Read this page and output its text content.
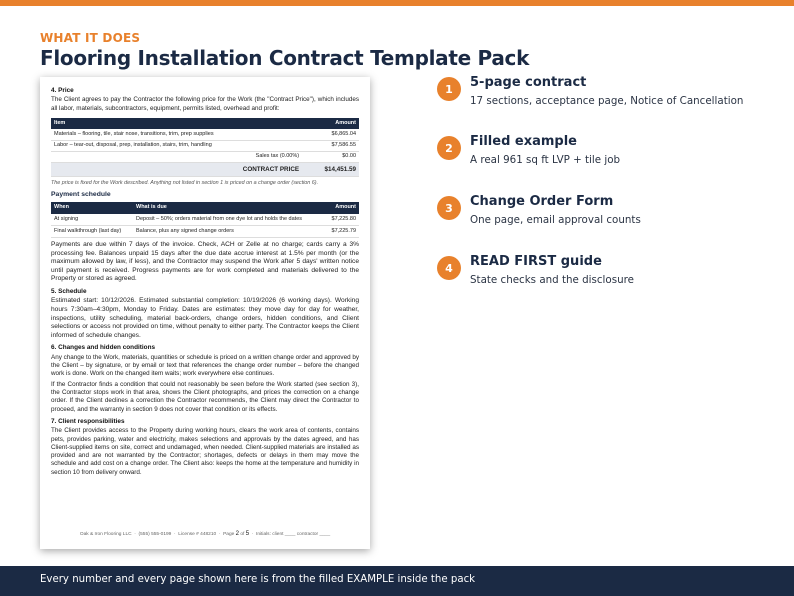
WHAT IT DOES
Flooring Installation Contract Template Pack
4. Price
The Client agrees to pay the Contractor the following price for the Work (the "Contract Price"), which includes all labor, materials, subcontractors, equipment, permits listed, overhead and profit:
Item	Amount
Materials – flooring, tile, stair nose, transitions, trim, prep supplies	$6,865.04
Labor – tear-out, disposal, prep, installation, stairs, trim, handling	$7,586.55
Sales tax (0.00%)	$0.00
CONTRACT PRICE	$14,451.59
The price is fixed for the Work described. Anything not listed in section 1 is priced on a change order (section 6).
Payment schedule
When	What is due	Amount
At signing	Deposit – 50%; orders material from one dye lot and holds the dates	$7,225.80
Final walkthrough (last day)	Balance, plus any signed change orders	$7,225.79
Payments are due within 7 days of the invoice. Check, ACH or Zelle at no charge; cards carry a 3% processing fee. Balances unpaid 15 days after the due date accrue interest at 1.5% per month (or the maximum allowed by law, if less), and the Contractor may suspend the Work after 5 days' written notice until payment is received. Progress payments are for work completed and materials delivered to the Property or stored as agreed.
5. Schedule
Estimated start: 10/12/2026. Estimated substantial completion: 10/19/2026 (6 working days). Working hours 7:30am–4:30pm, Monday to Friday. Dates are estimates: they move day for day for weather, inspections, utility scheduling, material back-orders, change orders, hidden conditions, and Client selections or access not provided on time, without penalty to either party. The Contractor keeps the Client informed of schedule changes.
6. Changes and hidden conditions
Any change to the Work, materials, quantities or schedule is priced on a written change order and approved by the Client – by signature, or by email or text that references the change order number – before the changed work is done. Work on the changed item waits; work everywhere else continues.
If the Contractor finds a condition that could not reasonably be seen before the Work started (see section 3), the Contractor stops work in that area, shows the Client photographs, and prices the correction on a change order. If the Client declines a correction the Contractor recommends, the Client may direct the Contractor to proceed, and the warranty in section 9 does not cover that condition or its effects.
7. Client responsibilities
The Client provides access to the Property during working hours, clears the work area of contents, contains pets, provides parking, water and electricity, makes selections and approvals by the dates agreed, and has Client-supplied items on site, correct and undamaged, when needed. Client-supplied materials are installed as provided and are not warranted by the Contractor; shortages, defects or delays in them may move the schedule and add cost on a change order. The Client also: keeps the home at the temperature and humidity in section 10 from delivery onward.
Oak & Iron Flooring LLC  ·  (555) 555-0199  ·  License # 448210  ·  Page 2 of 5  ·  Initials: client ____ contractor ____
1	5-page contract
17 sections, acceptance page, Notice of Cancellation
2	Filled example
A real 961 sq ft LVP + tile job
3	Change Order Form
One page, email approval counts
4	READ FIRST guide
State checks and the disclosure
Every number and every page shown here is from the filled EXAMPLE inside the pack
